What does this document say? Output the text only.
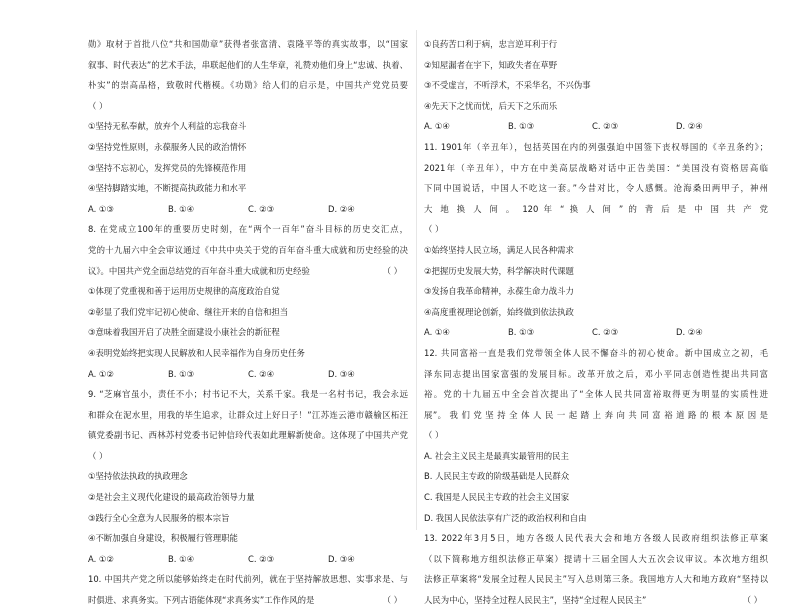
勋》取材于首批八位“共和国勋章”获得者张富清、袁隆平等的真实故事，以“国家
叙事、时代表达”的艺术手法，串联起他们的人生华章，礼赞劝他们身上“忠诚、执着、
朴实”的崇高品格，致敬时代楷模。《功勋》给人们的启示是，中国共产党党员要
（ ）
①坚持无私奉献，放弃个人利益的忘我奋斗
②坚持党性原则，永葆服务人民的政治情怀
③坚持不忘初心，发挥党员的先锋模范作用
④坚持脚踏实地，不断提高执政能力和水平
A. ①③	B. ①④	C. ②③	D. ②④
8. 在党成立100年的重要历史时刻，在“两个一百年”奋斗目标的历史交汇点，
党的十九届六中全会审议通过《中共中央关于党的百年奋斗重大成就和历史经验的决
议》。中国共产党全面总结党的百年奋斗重大成就和历史经验	（ ）
①体现了党重视和善于运用历史规律的高度政治自觉
②彰显了我们党牢记初心使命、继往开来的自信和担当
③意味着我国开启了决胜全面建设小康社会的新征程
④表明党始终把实现人民解放和人民幸福作为自身历史任务
A. ①②	B. ①③	C. ②④	D. ③④
9. “芝麻官虽小，责任不小；村书记不大，关系千家。我是一名村书记，我会永远
和群众在泥水里，用我的毕生追求，让群众过上好日子！”江苏连云港市赣榆区柘汪
镇党委副书记、西林苏村党委书记钟信玲代表如此理解新使命。这体现了中国共产党
（ ）
①坚持依法执政的执政理念
②是社会主义现代化建设的最高政治领导力量
③践行全心全意为人民服务的根本宗旨
④不断加强自身建设，积极履行管理职能
A. ①②	B. ①④	C. ②③	D. ③④
10. 中国共产党之所以能够始终走在时代前列，就在于坚持解放思想、实事求是、与
时俱进、求真务实。下列古语能体现“求真务实”工作作风的是	（ ）
①良药苦口利于病，忠言逆耳利于行
②知屋漏者在宇下，知政失者在草野
③不受虚言，不听浮术，不采华名，不兴伪事
④先天下之忧而忧，后天下之乐而乐
A. ①④	B. ①③	C. ②③	D. ②④
11. 1901年（辛丑年），包括英国在内的列强强迫中国签下丧权辱国的《辛丑条约》；
2021年（辛丑年），中方在中美高层战略对话中正告美国：“美国没有资格居高临
下同中国说话，中国人不吃这一套。”今昔对比，令人感慨。沧海桑田两甲子，神州
大 地 换 人 间 。 120 年 “ 换 人 间 ” 的 背 后 是 中 国 共 产 党
（ ）
①始终坚持人民立场，满足人民各种需求
②把握历史发展大势，科学解决时代课题
③发扬自我革命精神，永葆生命力战斗力
④高度重视理论创新，始终做到依法执政
A. ①④	B. ①③	C. ②③	D. ②④
12. 共同富裕一直是我们党带领全体人民不懈奋斗的初心使命。新中国成立之初，毛
泽东同志提出国家富强的发展目标。改革开放之后，邓小平同志创造性提出共同富
裕。党的十九届五中全会首次提出了“全体人民共同富裕取得更为明显的实质性进
展”。 我 们 党 坚 持 全 体 人 民 一 起 踏 上 奔 向 共 同 富 裕 道 路 的 根 本 原 因 是
（ ）
A. 社会主义民主是最真实最管用的民主
B. 人民民主专政的阶级基础是人民群众
C. 我国是人民民主专政的社会主义国家
D. 我国人民依法享有广泛的政治权利和自由
13. 2022年3月5日，地方各级人民代表大会和地方各级人民政府组织法修正草案
（以下简称地方组织法修正草案）提请十三届全国人大五次会议审议。本次地方组织
法修正草案将“发展全过程人民民主”写入总则第三条。我国地方人大和地方政府“坚持以
人民为中心，坚持全过程人民民主”，坚持“全过程人民民主”	（ ）
